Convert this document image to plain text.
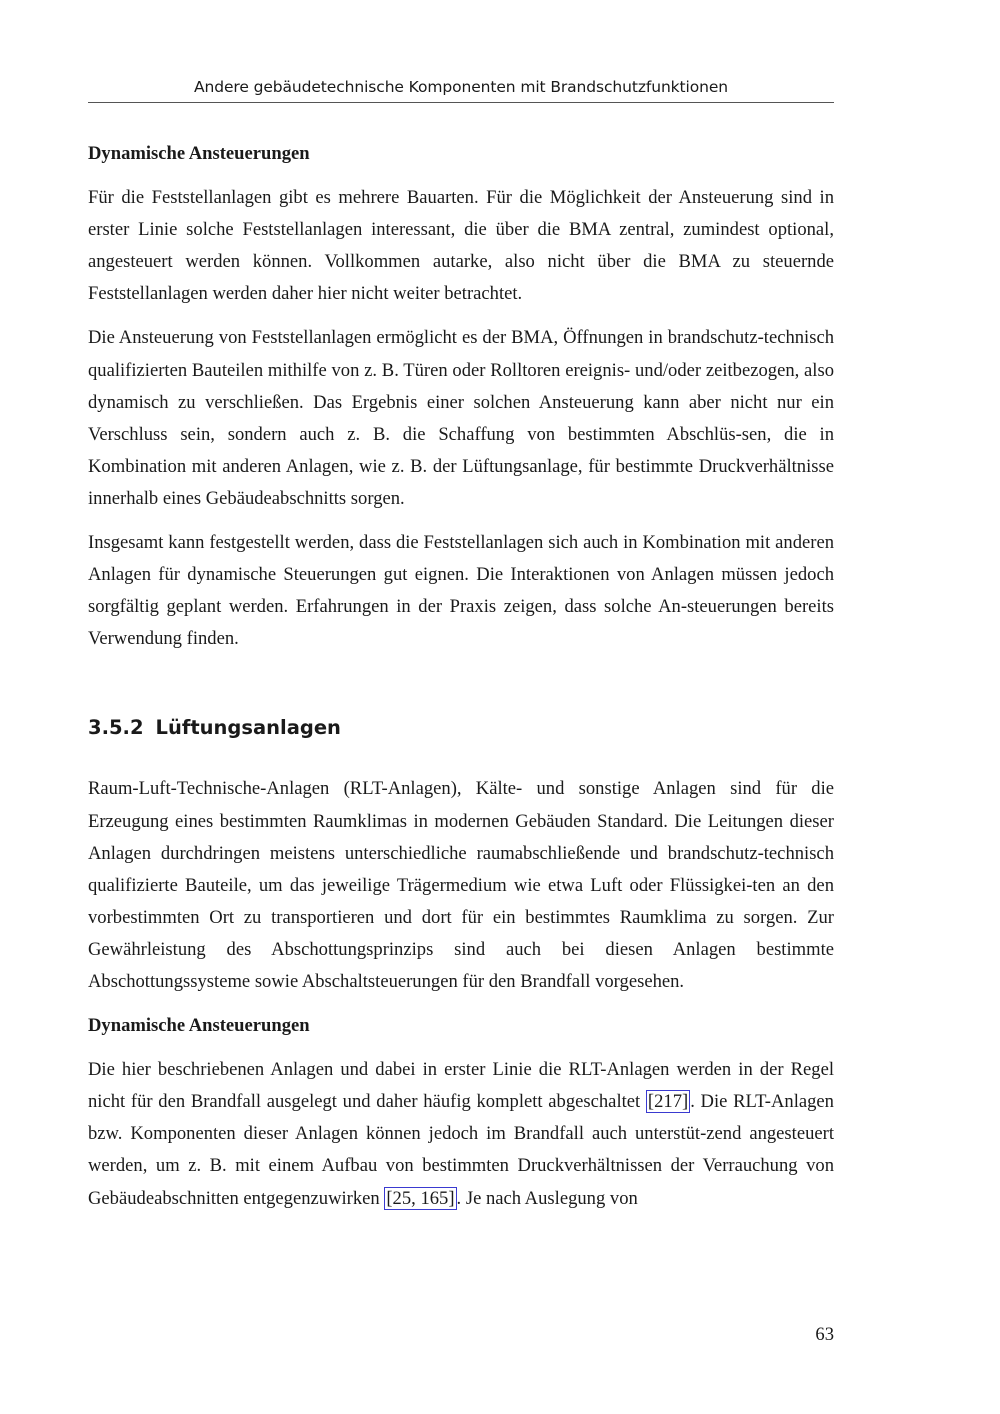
Andere gebäudetechnische Komponenten mit Brandschutzfunktionen
Dynamische Ansteuerungen

Für die Feststellanlagen gibt es mehrere Bauarten. Für die Möglichkeit der Ansteuerung sind in erster Linie solche Feststellanlagen interessant, die über die BMA zentral, zumindest optional, angesteuert werden können. Vollkommen autarke, also nicht über die BMA zu steuernde Feststellanlagen werden daher hier nicht weiter betrachtet.

Die Ansteuerung von Feststellanlagen ermöglicht es der BMA, Öffnungen in brandschutz-technisch qualifizierten Bauteilen mithilfe von z. B. Türen oder Rolltoren ereignis- und/oder zeitbezogen, also dynamisch zu verschließen. Das Ergebnis einer solchen Ansteuerung kann aber nicht nur ein Verschluss sein, sondern auch z. B. die Schaffung von bestimmten Abschlüs-sen, die in Kombination mit anderen Anlagen, wie z. B. der Lüftungsanlage, für bestimmte Druckverhältnisse innerhalb eines Gebäudeabschnitts sorgen.

Insgesamt kann festgestellt werden, dass die Feststellanlagen sich auch in Kombination mit anderen Anlagen für dynamische Steuerungen gut eignen. Die Interaktionen von Anlagen müssen jedoch sorgfältig geplant werden. Erfahrungen in der Praxis zeigen, dass solche An-steuerungen bereits Verwendung finden.

3.5.2 Lüftungsanlagen

Raum-Luft-Technische-Anlagen (RLT-Anlagen), Kälte- und sonstige Anlagen sind für die Erzeugung eines bestimmten Raumklimas in modernen Gebäuden Standard. Die Leitungen dieser Anlagen durchdringen meistens unterschiedliche raumabschließende und brandschutz-technisch qualifizierte Bauteile, um das jeweilige Trägermedium wie etwa Luft oder Flüssigkei-ten an den vorbestimmten Ort zu transportieren und dort für ein bestimmtes Raumklima zu sorgen. Zur Gewährleistung des Abschottungsprinzips sind auch bei diesen Anlagen bestimmte Abschottungssysteme sowie Abschaltsteuerungen für den Brandfall vorgesehen.

Dynamische Ansteuerungen

Die hier beschriebenen Anlagen und dabei in erster Linie die RLT-Anlagen werden in der Regel nicht für den Brandfall ausgelegt und daher häufig komplett abgeschaltet [217] . Die RLT-Anlagen bzw. Komponenten dieser Anlagen können jedoch im Brandfall auch unterstüt-zend angesteuert werden, um z. B. mit einem Aufbau von bestimmten Druckverhältnissen der Verrauchung von Gebäudeabschnitten entgegenzuwirken [25, 165] . Je nach Auslegung von

63
